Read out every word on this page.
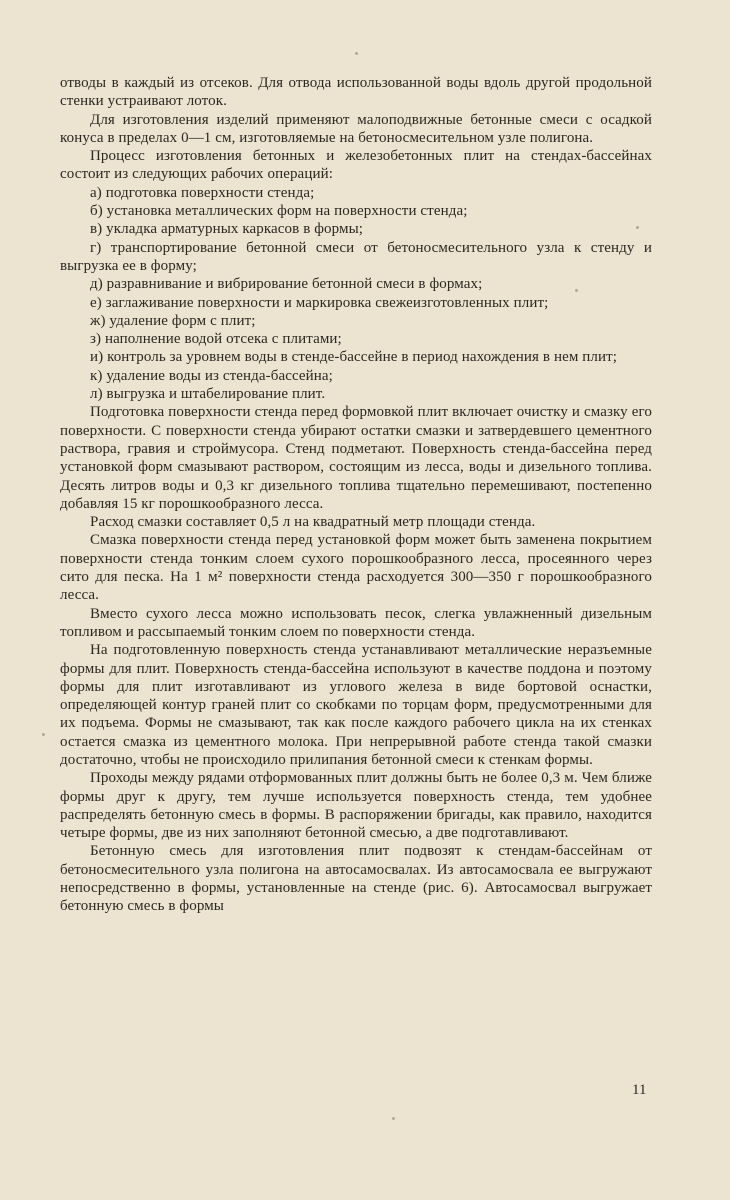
отводы в каждый из отсеков. Для отвода использованной воды вдоль другой продольной стенки устраивают лоток.

Для изготовления изделий применяют малоподвижные бетонные смеси с осадкой конуса в пределах 0—1 см, изготовляемые на бетоносмесительном узле полигона.

Процесс изготовления бетонных и железобетонных плит на стендах-бассейнах состоит из следующих рабочих операций:

а) подготовка поверхности стенда;

б) установка металлических форм на поверхности стенда;

в) укладка арматурных каркасов в формы;

г) транспортирование бетонной смеси от бетоносмесительного узла к стенду и выгрузка ее в форму;

д) разравнивание и вибрирование бетонной смеси в формах;

е) заглаживание поверхности и маркировка свежеизготовленных плит;

ж) удаление форм с плит;

з) наполнение водой отсека с плитами;

и) контроль за уровнем воды в стенде-бассейне в период нахождения в нем плит;

к) удаление воды из стенда-бассейна;

л) выгрузка и штабелирование плит.

Подготовка поверхности стенда перед формовкой плит включает очистку и смазку его поверхности. С поверхности стенда убирают остатки смазки и затвердевшего цементного раствора, гравия и строймусора. Стенд подметают. Поверхность стенда-бассейна перед установкой форм смазывают раствором, состоящим из лесса, воды и дизельного топлива. Десять литров воды и 0,3 кг дизельного топлива тщательно перемешивают, постепенно добавляя 15 кг порошкообразного лесса.

Расход смазки составляет 0,5 л на квадратный метр площади стенда.

Смазка поверхности стенда перед установкой форм может быть заменена покрытием поверхности стенда тонким слоем сухого порошкообразного лесса, просеянного через сито для песка. На 1 м² поверхности стенда расходуется 300—350 г порошкообразного лесса.

Вместо сухого лесса можно использовать песок, слегка увлажненный дизельным топливом и рассыпаемый тонким слоем по поверхности стенда.

На подготовленную поверхность стенда устанавливают металлические неразъемные формы для плит. Поверхность стенда-бассейна используют в качестве поддона и поэтому формы для плит изготавливают из углового железа в виде бортовой оснастки, определяющей контур граней плит со скобками по торцам форм, предусмотренными для их подъема. Формы не смазывают, так как после каждого рабочего цикла на их стенках остается смазка из цементного молока. При непрерывной работе стенда такой смазки достаточно, чтобы не происходило прилипания бетонной смеси к стенкам формы.

Проходы между рядами отформованных плит должны быть не более 0,3 м. Чем ближе формы друг к другу, тем лучше используется поверхность стенда, тем удобнее распределять бетонную смесь в формы. В распоряжении бригады, как правило, находится четыре формы, две из них заполняют бетонной смесью, а две подготавливают.

Бетонную смесь для изготовления плит подвозят к стендам-бассейнам от бетоносмесительного узла полигона на автосамосвалах. Из автосамосвала ее выгружают непосредственно в формы, установленные на стенде (рис. 6). Автосамосвал выгружает бетонную смесь в формы

11
